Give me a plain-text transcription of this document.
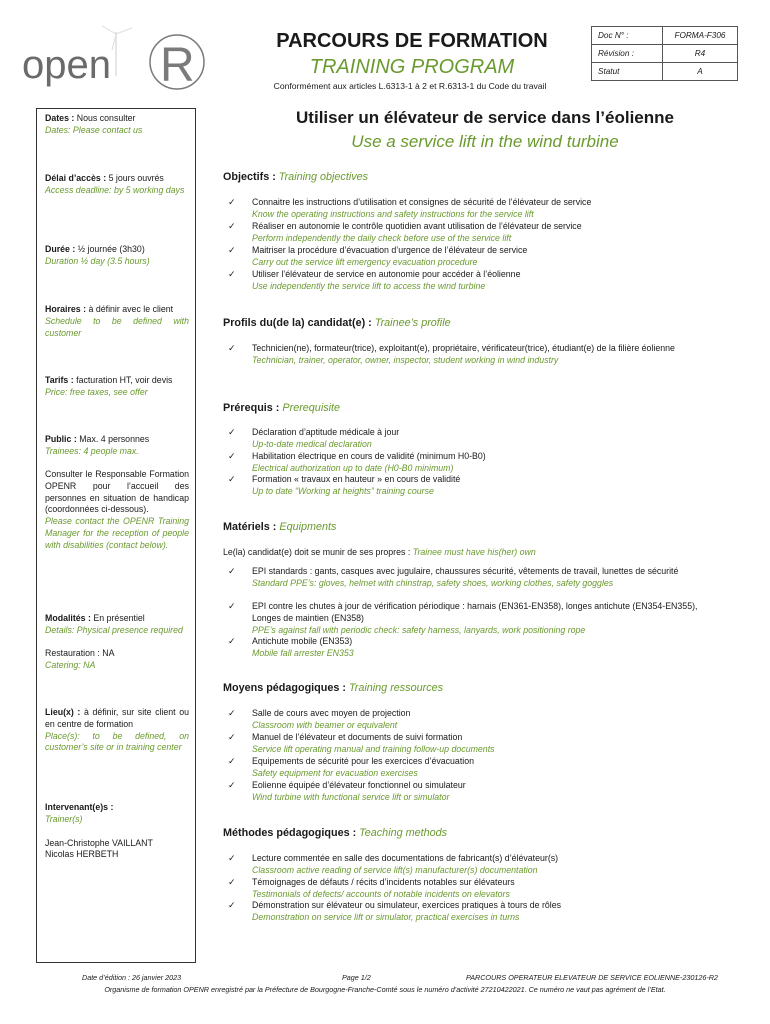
open R	PARCOURS DE FORMATION
TRAINING PROGRAM
Conformément aux articles L.6313-1 à 2 et R.6313-1 du Code du travail
Doc N° :	FORMA-F306
Révision :	R4
Statut	A
Dates : Nous consulter
Dates: Please contact us
Délai d’accès : 5 jours ouvrés
Access deadline: by 5 working days
Durée : ½ journée (3h30)
Duration ½ day (3.5 hours)
Horaires : à définir avec le client
Schedule to be defined with customer
Tarifs : facturation HT, voir devis
Price: free taxes, see offer
Public : Max. 4 personnes
Trainees: 4 people max.
Consulter le Responsable Formation OPENR pour l’accueil des personnes en situation de handicap (coordonnées ci-dessous).
Please contact the OPENR Training Manager for the reception of people with disabilities (contact below).
Modalités : En présentiel
Details: Physical presence required
Restauration : NA
Catering: NA
Lieu(x) : à définir, sur site client ou en centre de formation
Place(s): to be defined, on customer’s site or in training center
Intervenant(e)s :
Trainer(s)
Jean-Christophe VAILLANT
Nicolas HERBETH
Utiliser un élévateur de service dans l’éolienne
Use a service lift in the wind turbine
Objectifs : Training objectives
✓ Connaitre les instructions d’utilisation et consignes de sécurité de l’élévateur de service
Know the operating instructions and safety instructions for the service lift
✓ Réaliser en autonomie le contrôle quotidien avant utilisation de l’élévateur de service
Perform independently the daily check before use of the service lift
✓ Maitriser la procédure d’évacuation d’urgence de l’élévateur de service
Carry out the service lift emergency evacuation procedure
✓ Utiliser l’élévateur de service en autonomie pour accéder à l’éolienne
Use independently the service lift to access the wind turbine
Profils du(de la) candidat(e) : Trainee’s profile
✓ Technicien(ne), formateur(trice), exploitant(e), propriétaire, vérificateur(trice), étudiant(e) de la filière éolienne
Technician, trainer, operator, owner, inspector, student working in wind industry
Prérequis : Prerequisite
✓ Déclaration d’aptitude médicale à jour
Up-to-date medical declaration
✓ Habilitation électrique en cours de validité (minimum H0-B0)
Electrical authorization up to date (H0-B0 minimum)
✓ Formation « travaux en hauteur » en cours de validité
Up to date “Working at heights” training course
Matériels : Equipments
Le(la) candidat(e) doit se munir de ses propres : Trainee must have his(her) own
✓ EPI standards : gants, casques avec jugulaire, chaussures sécurité, vêtements de travail, lunettes de sécurité
Standard PPE’s: gloves, helmet with chinstrap, safety shoes, working clothes, safety goggles
✓ EPI contre les chutes à jour de vérification périodique : harnais (EN361-EN358), longes antichute (EN354-EN355), Longes de maintien (EN358)
PPE’s against fall with periodic check: safety harness, lanyards, work positioning rope
✓ Antichute mobile (EN353)
Mobile fall arrester EN353
Moyens pédagogiques : Training ressources
✓ Salle de cours avec moyen de projection
Classroom with beamer or equivalent
✓ Manuel de l’élévateur et documents de suivi formation
Service lift operating manual and training follow-up documents
✓ Equipements de sécurité pour les exercices d’évacuation
Safety equipment for evacuation exercises
✓ Eolienne équipée d’élévateur fonctionnel ou simulateur
Wind turbine with functional service lift or simulator
Méthodes pédagogiques : Teaching methods
✓ Lecture commentée en salle des documentations de fabricant(s) d’élévateur(s)
Classroom active reading of service lift(s) manufacturer(s) documentation
✓ Témoignages de défauts / récits d’incidents notables sur élévateurs
Testimonials of defects/ accounts of notable incidents on elevators
✓ Démonstration sur élévateur ou simulateur, exercices pratiques à tours de rôles
Demonstration on service lift or simulator, practical exercises in turns
Date d’édition : 26 janvier 2023	Page 1/2	PARCOURS OPERATEUR ELEVATEUR DE SERVICE EOLIENNE-230126-R2
Organisme de formation OPENR enregistré par la Préfecture de Bourgogne-Franche-Comté sous le numéro d’activité 27210422021. Ce numéro ne vaut pas agrément de l’Etat.
